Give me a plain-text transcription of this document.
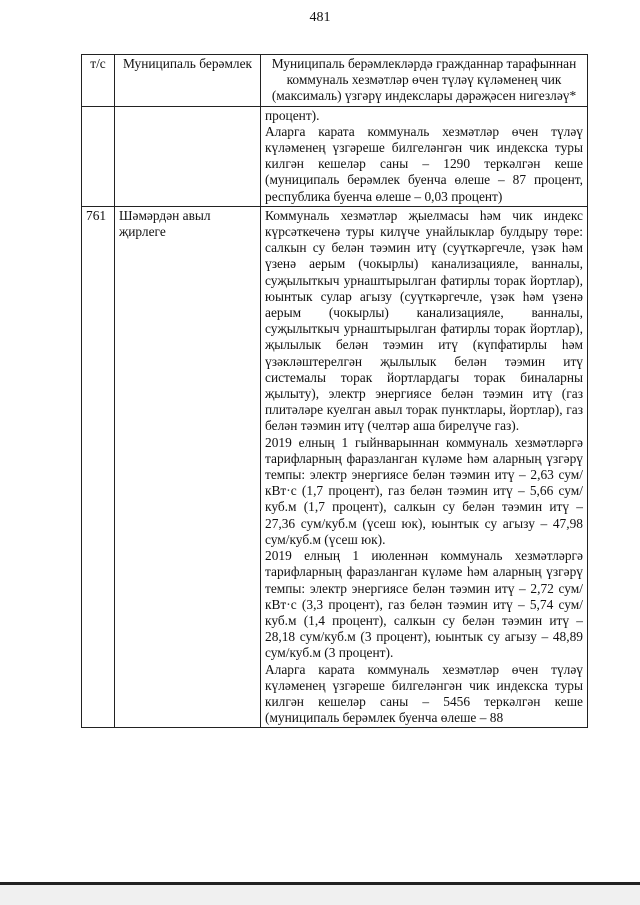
481
т/с	Муниципаль берәмлек	Муниципаль берәмлекләрдә гражданнар тарафыннан коммуналь хезмәтләр өчен түләү күләменең чик (максималь) үзгәрү индекслары дәрәҗәсен нигезләү*

		процент).

Аларга карата коммуналь хезмәтләр өчен түләү күләменең үзгәреше билгеләнгән чик индекска туры килгән кешеләр саны – 1290 теркәлгән кеше (муниципаль берәмлек буенча өлеше – 87 процент, республика буенча өлеше – 0,03 процент)

761	Шәмәрдән авыл җирлеге	Коммуналь хезмәтләр җыелмасы һәм чик индекс күрсәткеченә туры килүче унайлыклар булдыру төре: салкын су белән тәэмин итү (суүткәргечле, үзәк һәм үзенә аерым (чокырлы) канализацияле, ванналы, суҗылыткыч урнаштырылган фатирлы торак йортлар), юынтык сулар агызу (суүткәргечле, үзәк һәм үзенә аерым (чокырлы) канализацияле, ванналы, суҗылыткыч урнаштырылган фатирлы торак йортлар), җылылык белән тәэмин итү (күпфатирлы һәм үзәкләштерелгән җылылык белән тәэмин итү системалы торак йортлардагы торак биналарны җылыту), электр энергиясе белән тәэмин итү (газ плитәләре куелган авыл торак пунктлары, йортлар), газ белән тәэмин итү (челтәр аша бирелүче газ).

2019 елның 1 гыйнварыннан коммуналь хезмәтләргә тарифларның фаразланган күләме һәм аларның үзгәрү темпы: электр энергиясе белән тәэмин итү – 2,63 сум/кВт·с (1,7 процент), газ белән тәэмин итү – 5,66 сум/куб.м (1,7 процент), салкын су белән тәэмин итү – 27,36 сум/куб.м (үсеш юк), юынтык су агызу – 47,98 сум/куб.м (үсеш юк).

2019 елның 1 июленнән коммуналь хезмәтләргә тарифларның фаразланган күләме һәм аларның үзгәрү темпы: электр энергиясе белән тәэмин итү – 2,72 сум/кВт·с (3,3 процент), газ белән тәэмин итү – 5,74 сум/куб.м (1,4 процент), салкын су белән тәэмин итү – 28,18 сум/куб.м (3 процент), юынтык су агызу – 48,89 сум/куб.м (3 процент).

Аларга карата коммуналь хезмәтләр өчен түләү күләменең үзгәреше билгеләнгән чик индекска туры килгән кешеләр саны – 5456 теркәлгән кеше (муниципаль берәмлек буенча өлеше – 88
